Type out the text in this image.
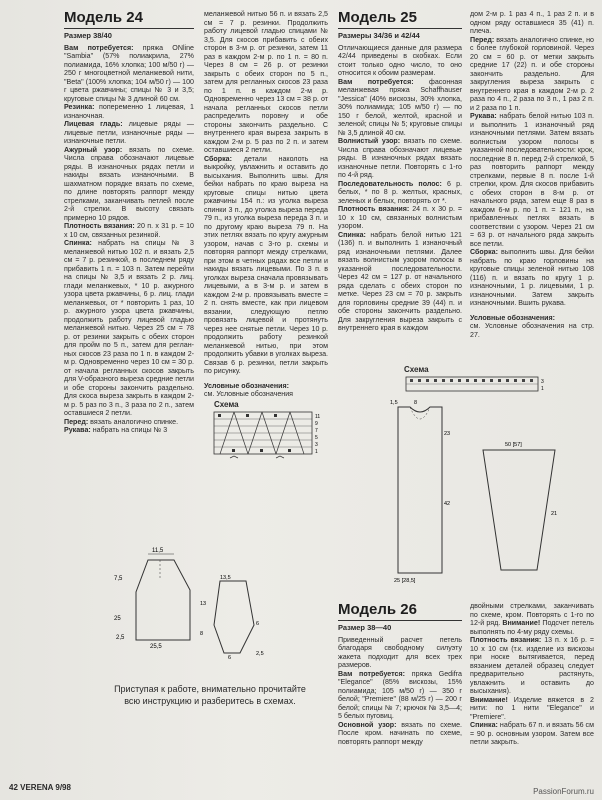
Модель 24
Размер 38/40

Вам потребуется: пряжа ONline "Sambia" (57% полиакрила, 27% полиамида, 16% хлопка; 100 м/50 г) — 250 г многоцветной меланжевой нити, "Beta" (100% хлопка; 104 м/50 г) — 100 г цвета ржавчины; спицы № 3 и 3,5; круговые спицы № 3 длиной 60 см.

Резинка: попеременно 1 лицевая, 1 изнаночная.

Лицевая гладь: лицевые ряды — лицевые петли, изнаночные ряды — изнаночные петли.

Ажурный узор: вязать по схеме. Числа справа обозначают лицевые ряды. В изнаночных рядах петли и накиды вязать изнаночными. В шахматном порядке вязать по схеме, по длине повторять раппорт между стрелками, заканчивать петлей после 2-й стрелки. В высоту связать примерно 10 рядов.

Плотность вязания: 20 п. х 31 р. = 10 х 10 см, связанных резинкой.

Спинка: набрать на спицы № 3 меланжевой нитью 102 п. и вязать 2,5 см = 7 р. резинкой, в последнем ряду прибавить 1 п. = 103 п. Затем перейти на спицы № 3,5 и вязать 2 р. лиц. глади меланжевых, * 10 р. ажурного узора цвета ржавчины, 6 р. лиц. глади меланжевых, от * повторить 1 раз, 10 р. ажурного узора цвета ржавчины, продолжить работу лицевой гладью меланжевой нитью. Через 25 см = 78 р. от резинки закрыть с обеих сторон для пройм по 5 п., затем для регланных скосов 23 раза по 1 п. в каждом 2-м р. Одновременно через 10 см = 30 р. от начала регланных скосов закрыть для V-образного выреза средние петли и обе стороны закончить раздельно. Для скоса выреза закрыть в каждом 2-м р. 5 раз по 3 п., 3 раза по 2 п., затем оставшиеся 2 петли.

Перед: вязать аналогично спинке.

Рукава: набрать на спицы № 3

меланжевой нитью 56 п. и вязать 2,5 см = 7 р. резинки. Продолжить работу лицевой гладью спицами № 3,5. Для скосов прибавить с обеих сторон в 3-м р. от резинки, затем 11 раз в каждом 2-м р. по 1 п. = 80 п. Через 8 см = 26 р. от резинки закрыть с обеих сторон по 5 п., затем для регланных скосов 23 раза по 1 п. в каждом 2-м р. Одновременно через 13 см = 38 р. от начала регланных скосов петли распределить поровну и обе стороны закончить раздельно. С внутреннего края выреза закрыть в каждом 2-м р. 5 раз по 2 п. и затем оставшиеся 2 петли.

Сборка: детали наколоть на выкройку, увлажнить и оставить до высыхания. Выполнить швы. Для бейки набрать по краю выреза на круговые спицы нитью цвета ржавчины 154 п.: из уголка выреза спинки 3 п., до уголка выреза переда 79 п., из уголка выреза переда 3 п. и по другому краю выреза 79 п. На этих петлях вязать по кругу ажурным узором, начав с 3-го р. схемы и повторяя раппорт между стрелками, при этом в четных рядах все петли и накиды вязать лицевыми. По 3 п. в уголках выреза сначала провязывать лицевыми, а в 3-м р. и затем в каждом 2-м р. провязывать вместе = 2 п. снять вместе, как при лицевом вязании, следующую петлю провязать лицевой и протянуть через нее снятые петли. Через 10 р. продолжить работу резинкой меланжевой нитью, при этом продолжить убавки в уголках выреза. Связав 6 р. резинки, петли закрыть по рисунку.

Условные обозначения:
см. Условные обозначения

Модель 25
Размеры 34/36 и 42/44

Отличающиеся данные для размера 42/44 приведены в скобках. Если стоит только одно число, то оно относится к обоим размерам.

Вам потребуется: фасонная меланжевая пряжа Schaffhauser "Jessica" (40% вискозы, 30% хлопка, 30% полиамида; 105 м/50 г) — по 150 г белой, желтой, красной и зеленой; спицы № 5; круговые спицы № 3,5 длиной 40 см.

Волнистый узор: вязать по схеме. Числа справа обозначают лицевые ряды. В изнаночных рядах вязать изнаночные петли. Повторять с 1-го по 4-й ряд.

Последовательность полос: 6 р. белых, * по 8 р. желтых, красных, зеленых и белых, повторять от *.

Плотность вязания: 24 п. х 30 р. = 10 х 10 см, связанных волнистым узором.

Спинка: набрать белой нитью 121 (136) п. и выполнить 1 изнаночный ряд изнаночными петлями. Далее вязать волнистым узором полосы в указанной последовательности. Через 42 см = 127 р. от начального ряда сделать с обеих сторон по метке. Через 23 см = 70 р. закрыть для горловины средние 39 (44) п. и обе стороны закончить раздельно. Для закругления выреза закрыть с внутреннего края в каждом

дом 2-м р. 1 раз 4 п., 1 раз 2 п. и в одном ряду оставшиеся 35 (41) п. плеча.

Перед: вязать аналогично спинке, но с более глубокой горловиной. Через 20 см = 60 р. от метки закрыть средние 17 (22) п. и обе стороны закончить раздельно. Для закругления выреза закрыть с внутреннего края в каждом 2-м р. 2 раза по 4 п., 2 раза по 3 п., 1 раз 2 п. и 2 раза по 1 п.

Рукава: набрать белой нитью 103 п. и выполнить 1 изнаночный ряд изнаночными петлями. Затем вязать волнистым узором полосы в указанной последовательности: крок, последние 8 п. перед 2-й стрелкой, 5 раз повторить раппорт между стрелками, первые 8 п. после 1-й стрелки, кром. Для скосов прибавить с обеих сторон в 8-м р. от начального ряда, затем еще 8 раз в каждом 6-м р. по 1 п. = 121 п., на прибавленных петлях вязать в соответствии с узором. Через 21 см = 63 р. от начального ряда закрыть все петли.

Сборка: выполнить швы. Для бейки набрать по краю горловины на круговые спицы зеленой нитью 108 (116) п. и вязать по кругу 1 р. изнаночными, 1 р. лицевыми, 1 р. изнаночными. Затем закрыть изнаночными. Вшить рукава.

Условные обозначения:
см. Условные обозначения на стр. 27.

Схема
11
9
7
5
3
1
11,5
25
7,5
25,5
2,5
13,5
13
8
6
2,5
6
Схема
3
1
25 [28,5]
42
23
8
1,5
50 [57]
21
Модель 26
Размер 38—40

Приведенный расчет петель благодаря свободному силуэту жакета подходит для всех трех размеров.

Вам потребуется: пряжа Gedifra "Elegance" (85% вискозы, 15% полиамида; 105 м/50 г) — 350 г белой; "Premiere" (88 м/25 г) — 200 г белой; спицы № 7; крючок № 3,5—4; 5 белых пуговиц.

Основной узор: вязать по схеме. После кром. начинать по схеме, повторять раппорт между

двойными стрелками, заканчивать по схеме, кром. Повторять с 1-го по 12-й ряд. Внимание! Подсчет петель выполнять по 4-му ряду схемы.

Плотность вязания: 13 п. х 16 р. = 10 х 10 см (т.к. изделие из вискозы при носке вытягивается, перед вязанием деталей образец следует предварительно растянуть, увлажнить и оставить до высыхания).

Внимание! Изделие вяжется в 2 нити: по 1 нити "Elegance" и "Premiere".

Спинка: набрать 67 п. и вязать 56 см = 90 р. основным узором. Затем все петли закрыть.

Приступая к работе, внимательно прочитайте всю инструкцию и разберитесь в схемах.
42 VERENA 9/98	PassionForum.ru
